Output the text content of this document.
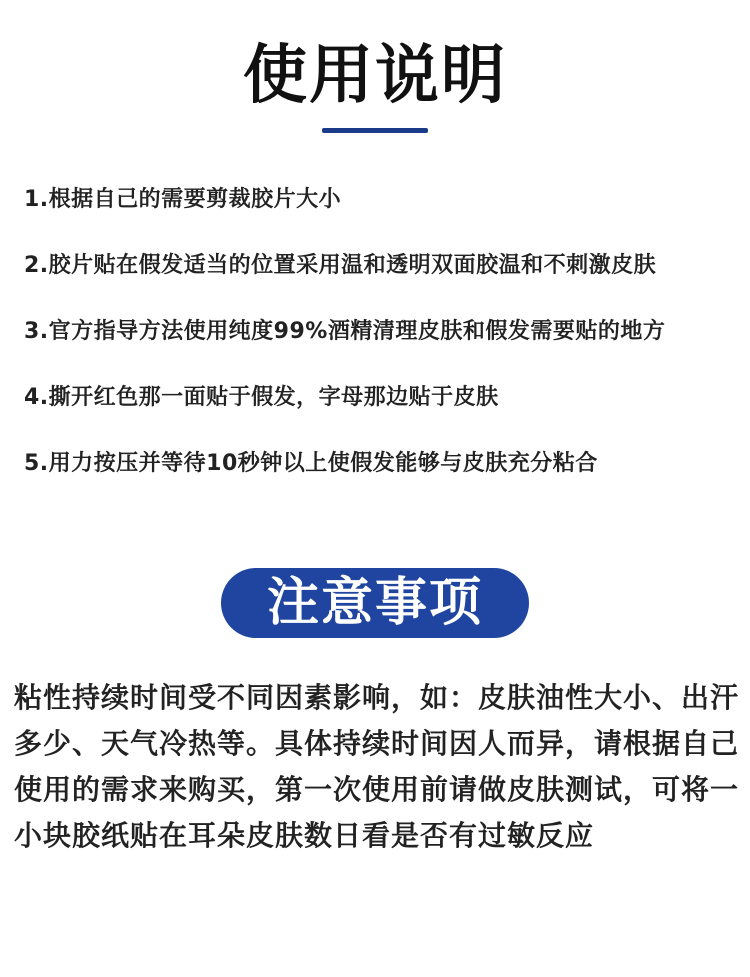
使用说明
1.根据自己的需要剪裁胶片大小
2.胶片贴在假发适当的位置采用温和透明双面胶温和不刺激皮肤
3.官方指导方法使用纯度99%酒精清理皮肤和假发需要贴的地方
4.撕开红色那一面贴于假发，字母那边贴于皮肤
5.用力按压并等待10秒钟以上使假发能够与皮肤充分粘合
注意事项

粘性持续时间受不同因素影响，如：皮肤油性大小、出汗多少、天气冷热等。具体持续时间因人而异，请根据自己使用的需求来购买，第一次使用前请做皮肤测试，可将一小块胶纸贴在耳朵皮肤数日看是否有过敏反应
